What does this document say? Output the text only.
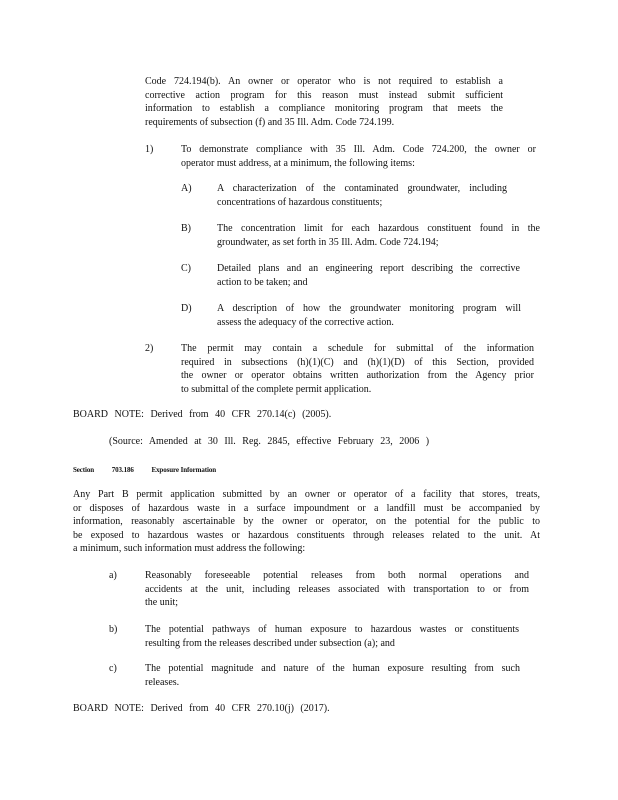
Code 724.194(b). An owner or operator who is not required to establish a
corrective action program for this reason must instead submit sufficient
information to establish a compliance monitoring program that meets the
requirements of subsection (f) and 35 Ill. Adm. Code 724.199.
1)	To demonstrate compliance with 35 Ill. Adm. Code 724.200, the owner or
operator must address, at a minimum, the following items:
A)	A characterization of the contaminated groundwater, including
concentrations of hazardous constituents;
B)	The concentration limit for each hazardous constituent found in the
groundwater, as set forth in 35 Ill. Adm. Code 724.194;
C)	Detailed plans and an engineering report describing the corrective
action to be taken; and
D)	A description of how the groundwater monitoring program will
assess the adequacy of the corrective action.
2)	The permit may contain a schedule for submittal of the information
required in subsections (h)(1)(C) and (h)(1)(D) of this Section, provided
the owner or operator obtains written authorization from the Agency prior
to submittal of the complete permit application.
BOARD NOTE: Derived from 40 CFR 270.14(c) (2005).
(Source: Amended at 30 Ill. Reg. 2845, effective February 23, 2006 )
Section	703.186	Exposure Information
Any Part B permit application submitted by an owner or operator of a facility that stores, treats,
or disposes of hazardous waste in a surface impoundment or a landfill must be accompanied by
information, reasonably ascertainable by the owner or operator, on the potential for the public to
be exposed to hazardous wastes or hazardous constituents through releases related to the unit. At
a minimum, such information must address the following:
a)	Reasonably foreseeable potential releases from both normal operations and
accidents at the unit, including releases associated with transportation to or from
the unit;
b)	The potential pathways of human exposure to hazardous wastes or constituents
resulting from the releases described under subsection (a); and
c)	The potential magnitude and nature of the human exposure resulting from such
releases.
BOARD NOTE: Derived from 40 CFR 270.10(j) (2017).
